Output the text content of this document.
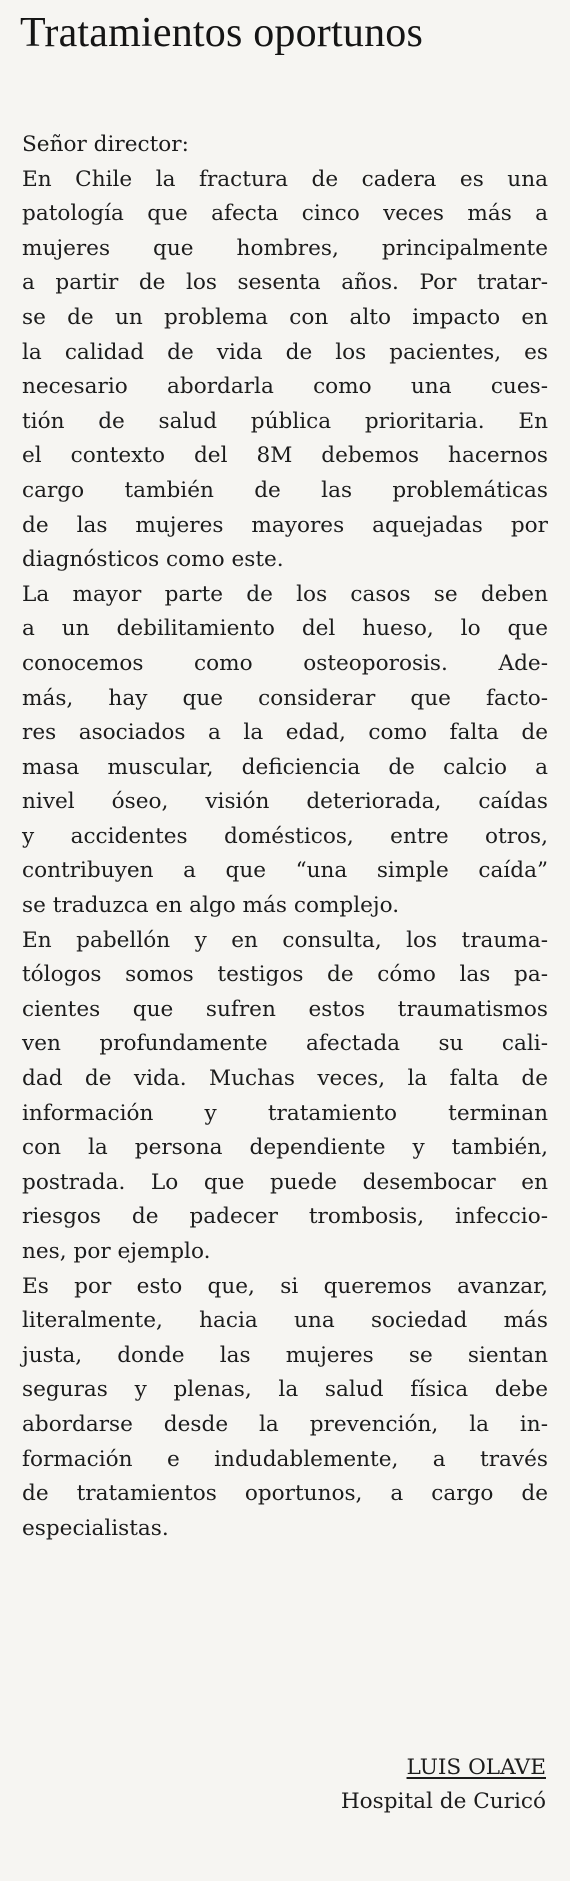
Tratamientos oportunos
Señor director:
En Chile la fractura de cadera es una
patología que afecta cinco veces más a
mujeres que hombres, principalmente
a partir de los sesenta años. Por tratar-
se de un problema con alto impacto en
la calidad de vida de los pacientes, es
necesario abordarla como una cues-
tión de salud pública prioritaria. En
el contexto del 8M debemos hacernos
cargo también de las problemáticas
de las mujeres mayores aquejadas por
diagnósticos como este.
La mayor parte de los casos se deben
a un debilitamiento del hueso, lo que
conocemos como osteoporosis. Ade-
más, hay que considerar que facto-
res asociados a la edad, como falta de
masa muscular, deficiencia de calcio a
nivel óseo, visión deteriorada, caídas
y accidentes domésticos, entre otros,
contribuyen a que “una simple caída”
se traduzca en algo más complejo.
En pabellón y en consulta, los trauma-
tólogos somos testigos de cómo las pa-
cientes que sufren estos traumatismos
ven profundamente afectada su cali-
dad de vida. Muchas veces, la falta de
información y tratamiento terminan
con la persona dependiente y también,
postrada. Lo que puede desembocar en
riesgos de padecer trombosis, infeccio-
nes, por ejemplo.
Es por esto que, si queremos avanzar,
literalmente, hacia una sociedad más
justa, donde las mujeres se sientan
seguras y plenas, la salud física debe
abordarse desde la prevención, la in-
formación e indudablemente, a través
de tratamientos oportunos, a cargo de
especialistas.
LUIS OLAVE
Hospital de Curicó
